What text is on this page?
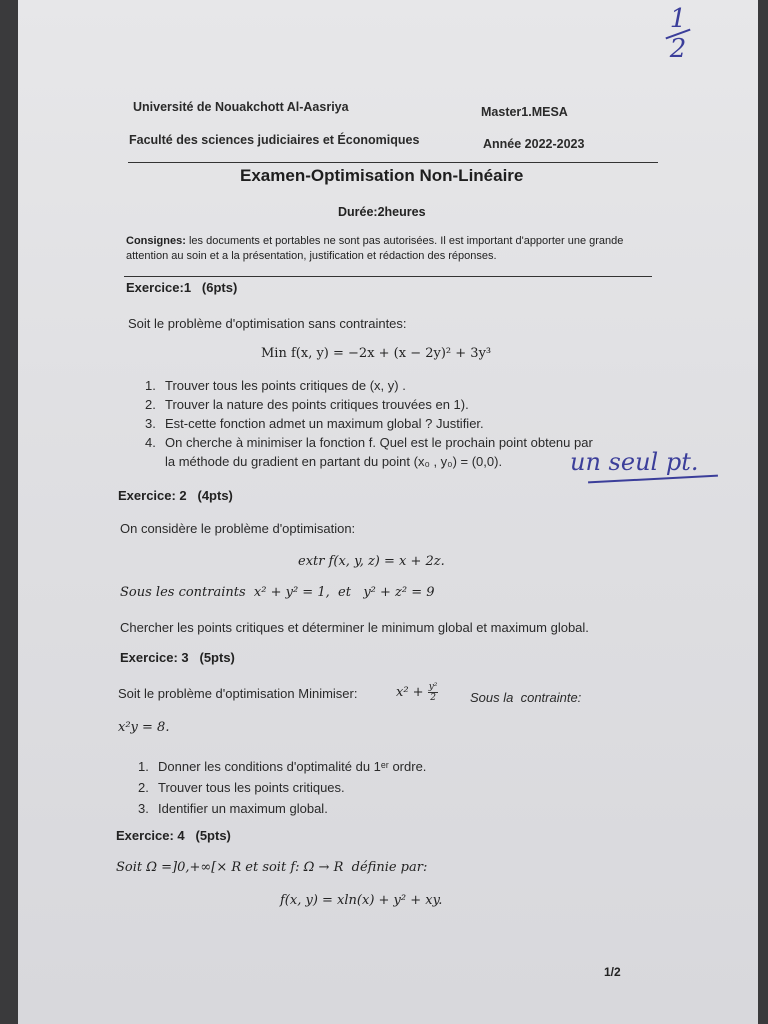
1
2
Université de Nouakchott Al-Aasriya
Faculté des sciences judiciaires et Économiques
Master1.MESA
Année 2022-2023
Examen-Optimisation Non-Linéaire
Durée:2heures
Consignes: les documents et portables ne sont pas autorisées. Il est important d'apporter une grande
attention au soin et a la présentation, justification et rédaction des réponses.
Exercice:1   (6pts)
Soit le problème d'optimisation sans contraintes:
Min f(x, y) = −2x + (x − 2y)² + 3y³
1. Trouver tous les points critiques de (x, y) .
2. Trouver la nature des points critiques trouvées en 1).
3. Est-cette fonction admet un maximum global ? Justifier.
4. On cherche à minimiser la fonction f. Quel est le prochain point obtenu par
la méthode du gradient en partant du point (x₀ , y₀) = (0,0).	un seul pt.
Exercice: 2   (4pts)
On considère le problème d'optimisation:
extr f(x, y, z) = x + 2z.
Sous les contraints  x² + y² = 1,  et   y² + z² = 9
Chercher les points critiques et déterminer le minimum global et maximum global.
Exercice: 3   (5pts)
Soit le problème d'optimisation Minimiser:	$x^2 + \frac{\text{y²}}{2}$ Sous la  contrainte:
x²y = 8.
1. Donner les conditions d'optimalité du 1ᵉʳ ordre.
2. Trouver tous les points critiques.
3. Identifier un maximum global.
Exercice: 4   (5pts)
Soit Ω =]0,+∞[× R et soit f: Ω → R  définie par:
f(x, y) = xln(x) + y² + xy.
1/2
